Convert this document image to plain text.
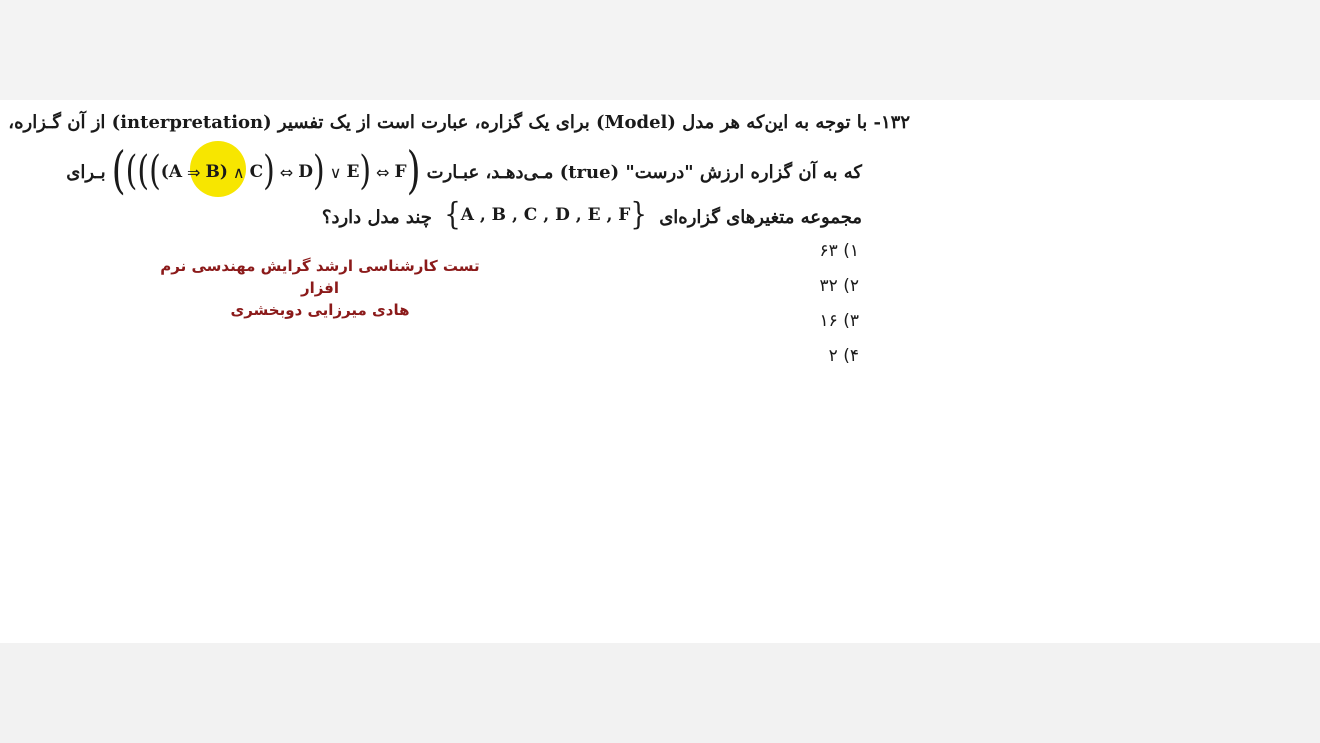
۱۳۲- با توجه به این‌که هر مدل (Model) برای یک گزاره، عبارت است از یک تفسیر (interpretation) از آن گـزاره،
که به آن گزاره ارزش "درست" (true) مـی‌دهـد، عبـارت
( ( ( ( ( A ⇒ B ) ∧ C ) ⇔ D ) ∨ E ) ⇔ F )
بـرای
مجموعه متغیرهای گزاره‌ای
{ A , B , C , D , E , F }
چند مدل دارد؟
۱) ۶۳
۲) ۳۲
۳) ۱۶
۴) ۲
تست کارشناسی ارشد گرایش مهندسی نرم افزار
هادی میرزایی دوبخشری
